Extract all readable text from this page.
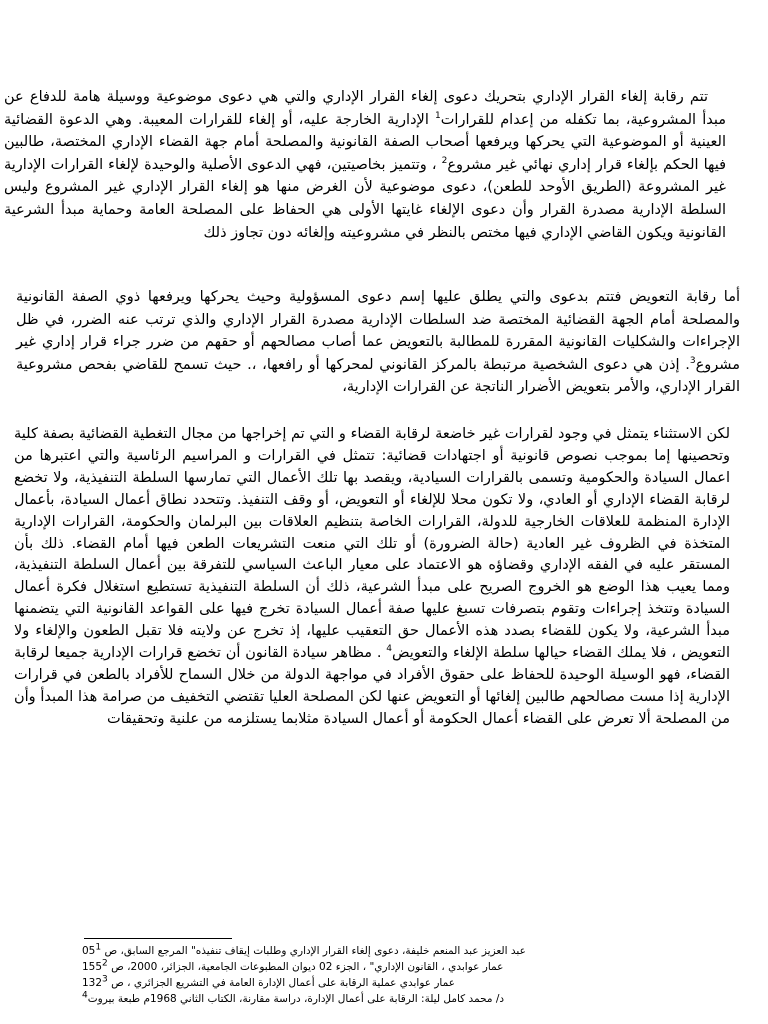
تتم رقابة إلغاء القرار الإداري بتحريك دعوى إلغاء القرار الإداري والتي هي دعوى موضوعية ووسيلة هامة للدفاع عن مبدأ المشروعية، بما تكفله من إعدام للقرارات$^1$ الإدارية الخارجة عليه، أو إلغاء للقرارات المعيبة. وهي الدعوة القضائية العينية أو الموضوعية التي يحركها ويرفعها أصحاب الصفة القانونية والمصلحة أمام جهة القضاء الإداري المختصة، طالبين فيها الحكم بإلغاء قرار إداري نهائي غير مشروع$^2$ ، وتتميز بخاصيتين، فهي الدعوى الأصلية والوحيدة لإلغاء القرارات الإدارية غير المشروعة (الطريق الأوحد للطعن)، دعوى موضوعية لأن الغرض منها هو إلغاء القرار الإداري غير المشروع وليس السلطة الإدارية مصدرة القرار وأن دعوى الإلغاء غايتها الأولى هي الحفاظ على المصلحة العامة وحماية مبدأ الشرعية القانونية ويكون القاضي الإداري فيها مختص بالنظر في مشروعيته وإلغائه دون تجاوز ذلك

أما رقابة التعويض فتتم بدعوى والتي يطلق عليها إسم دعوى المسؤولية وحيث يحركها ويرفعها ذوي الصفة القانونية والمصلحة أمام الجهة القضائية المختصة ضد السلطات الإدارية مصدرة القرار الإداري والذي ترتب عنه الضرر، في ظل الإجراءات والشكليات القانونية المقررة للمطالبة بالتعويض عما أصاب مصالحهم أو حقهم من ضرر جراء قرار إداري غير مشروع$^3$. إذن هي دعوى الشخصية مرتبطة بالمركز القانوني لمحركها أو رافعها، ،. حيث تسمح للقاضي بفحص مشروعية القرار الإداري، والأمر بتعويض الأضرار الناتجة عن القرارات الإدارية،

لكن الاستثناء يتمثل في وجود لقرارات غير خاضعة لرقابة القضاء و التي تم إخراجها من مجال التغطية القضائية بصفة كلية وتحصينها إما بموجب نصوص قانونية أو اجتهادات قضائية: تتمثل في القرارات و المراسيم الرئاسية والتي اعتبرها من اعمال السيادة والحكومية وتسمى بالقرارات السيادية، ويقصد بها تلك الأعمال التي تمارسها السلطة التنفيذية، ولا تخضع لرقابة القضاء الإداري أو العادي، ولا تكون محلا للإلغاء أو التعويض، أو وقف التنفيذ. وتتحدد نطاق أعمال السيادة، بأعمال الإدارة المنظمة للعلاقات الخارجية للدولة، القرارات الخاصة بتنظيم العلاقات بين البرلمان والحكومة، القرارات الإدارية المتخذة في الظروف غير العادية (حالة الضرورة) أو تلك التي منعت التشريعات الطعن فيها أمام القضاء. ذلك بأن المستقر عليه في الفقه الإداري وقضاؤه هو الاعتماد على معيار الباعث السياسي للتفرقة بين أعمال السلطة التنفيذية، ومما يعيب هذا الوضع هو الخروج الصريح على مبدأ الشرعية، ذلك أن السلطة التنفيذية تستطيع استغلال فكرة أعمال السيادة وتتخذ إجراءات وتقوم بتصرفات تسبغ عليها صفة أعمال السيادة تخرج فيها على القواعد القانونية التي يتضمنها مبدأ الشرعية، ولا يكون للقضاء بصدد هذه الأعمال حق التعقيب عليها، إذ تخرج عن ولايته فلا تقبل الطعون والإلغاء ولا التعويض ، فلا يملك القضاء حيالها سلطة الإلغاء والتعويض$^4$ . مظاهر سيادة القانون أن تخضع قرارات الإدارية جميعا لرقابة القضاء، فهو الوسيلة الوحيدة للحفاظ على حقوق الأفراد في مواجهة الدولة من خلال السماح للأفراد بالطعن في قرارات الإدارية إذا مست مصالحهم طالبين إلغائها أو التعويض عنها لكن المصلحة العليا تقتضي التخفيف من صرامة هذا المبدأ وأن من المصلحة ألا تعرض على القضاء أعمال الحكومة أو أعمال السيادة مثلابما يستلزمه من علنية وتحقيقات

عبد العزيز عبد المنعم خليفة، دعوى إلغاء القرار الإداري وطلبات إيقاف تنفيذه" المرجع السابق، ص 05$^1$
عمار عوابدي ، القانون الإداري" ، الجزء 02 ديوان المطبوعات الجامعية، الجزائر، 2000، ص 155$^2$
عمار عوابدي عملية الرقابة على أعمال الإدارة العامة في التشريع الجزائري ، ص 132$^3$
د/ محمد كامل ليلة: الرقابة على أعمال الإدارة، دراسة مقارنة، الكتاب الثاني 1968م طبعة بيروت$^4$
